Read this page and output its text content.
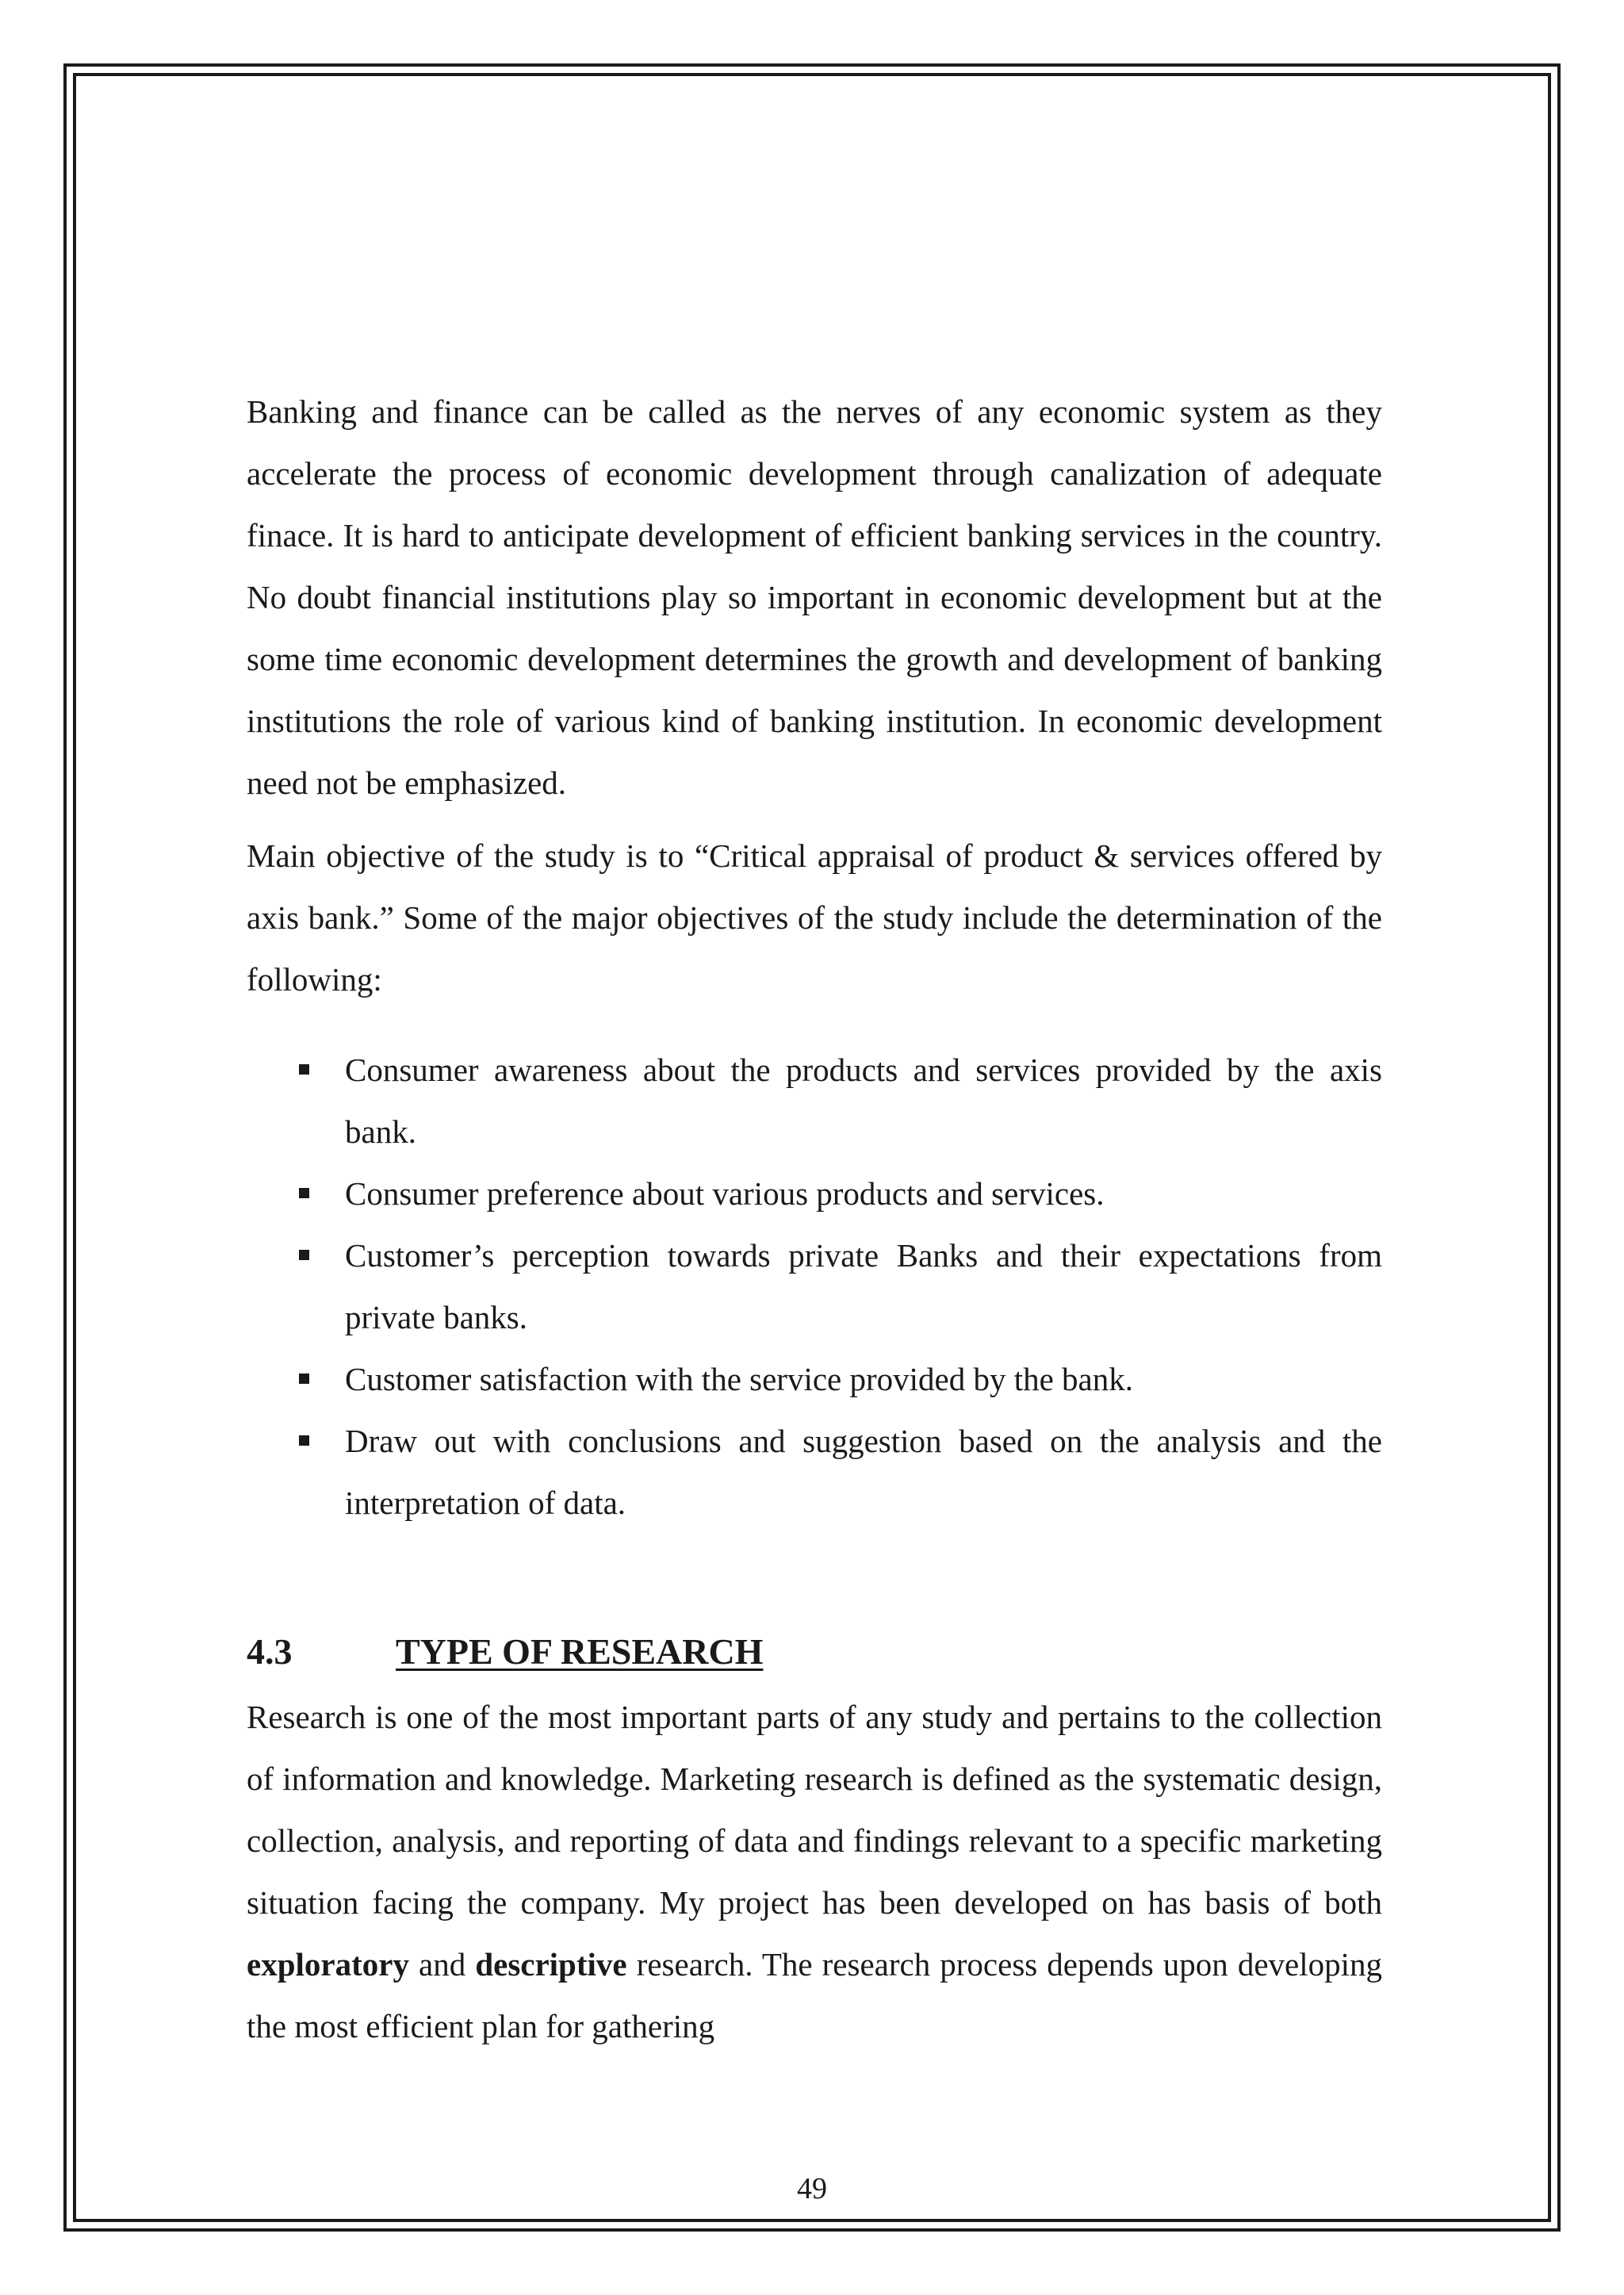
Banking and finance can be called as the nerves of any economic system as they accelerate the process of economic development through canalization of adequate finace. It is hard to anticipate development of efficient banking services in the country. No doubt financial institutions play so important in economic development but at the some time economic development determines the growth and development of banking institutions the role of various kind of banking institution. In economic development need not be emphasized.

Main objective of the study is to “Critical appraisal of product & services offered by axis bank.” Some of the major objectives of the study include the determination of the following:

Consumer awareness about the products and services provided by the axis bank.
Consumer preference about various products and services.
Customer’s perception towards private Banks and their expectations from private banks.
Customer satisfaction with the service provided by the bank.
Draw out with conclusions and suggestion based on the analysis and the interpretation of data.
4.3	TYPE OF RESEARCH

Research is one of the most important parts of any study and pertains to the collection of information and knowledge. Marketing research is defined as the systematic design, collection, analysis, and reporting of data and findings relevant to a specific marketing situation facing the company. My project has been developed on has basis of both exploratory and descriptive research. The research process depends upon developing the most efficient plan for gathering

49
